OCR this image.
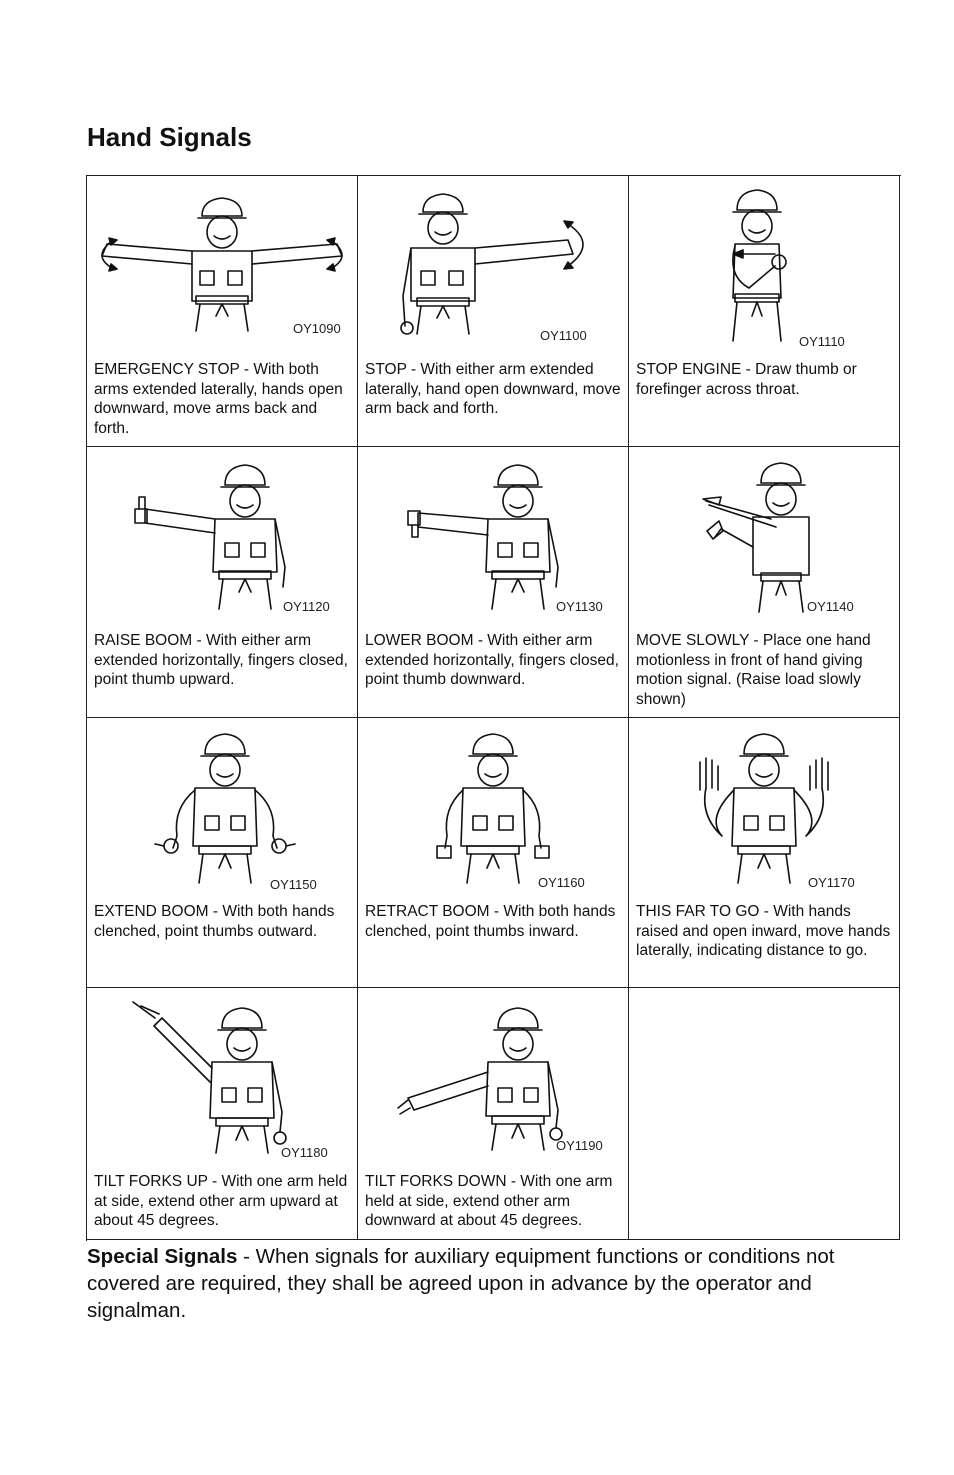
Hand Signals
OY1090

EMERGENCY STOP - With both arms extended laterally, hands open downward, move arms back and forth.

OY1100

STOP - With either arm extended laterally, hand open downward, move arm back and forth.

OY1110

STOP ENGINE - Draw thumb or forefinger across throat.

OY1120

RAISE BOOM - With either arm extended horizontally, fingers closed, point thumb upward.

OY1130

LOWER BOOM - With either arm extended horizontally, fingers closed, point thumb downward.

OY1140

MOVE SLOWLY - Place one hand motionless in front of hand giving motion signal. (Raise load slowly shown)

OY1150

EXTEND BOOM - With both hands clenched, point thumbs outward.

OY1160

RETRACT BOOM - With both hands clenched, point thumbs inward.

OY1170

THIS FAR TO GO - With hands raised and open inward, move hands laterally, indicating distance to go.

OY1180

TILT FORKS UP - With one arm held at side, extend other arm upward at about 45 degrees.

OY1190

TILT FORKS DOWN - With one arm held at side, extend other arm downward at about 45 degrees.

Special Signals - When signals for auxiliary equipment functions or conditions not covered are required, they shall be agreed upon in advance by the operator and signalman.
